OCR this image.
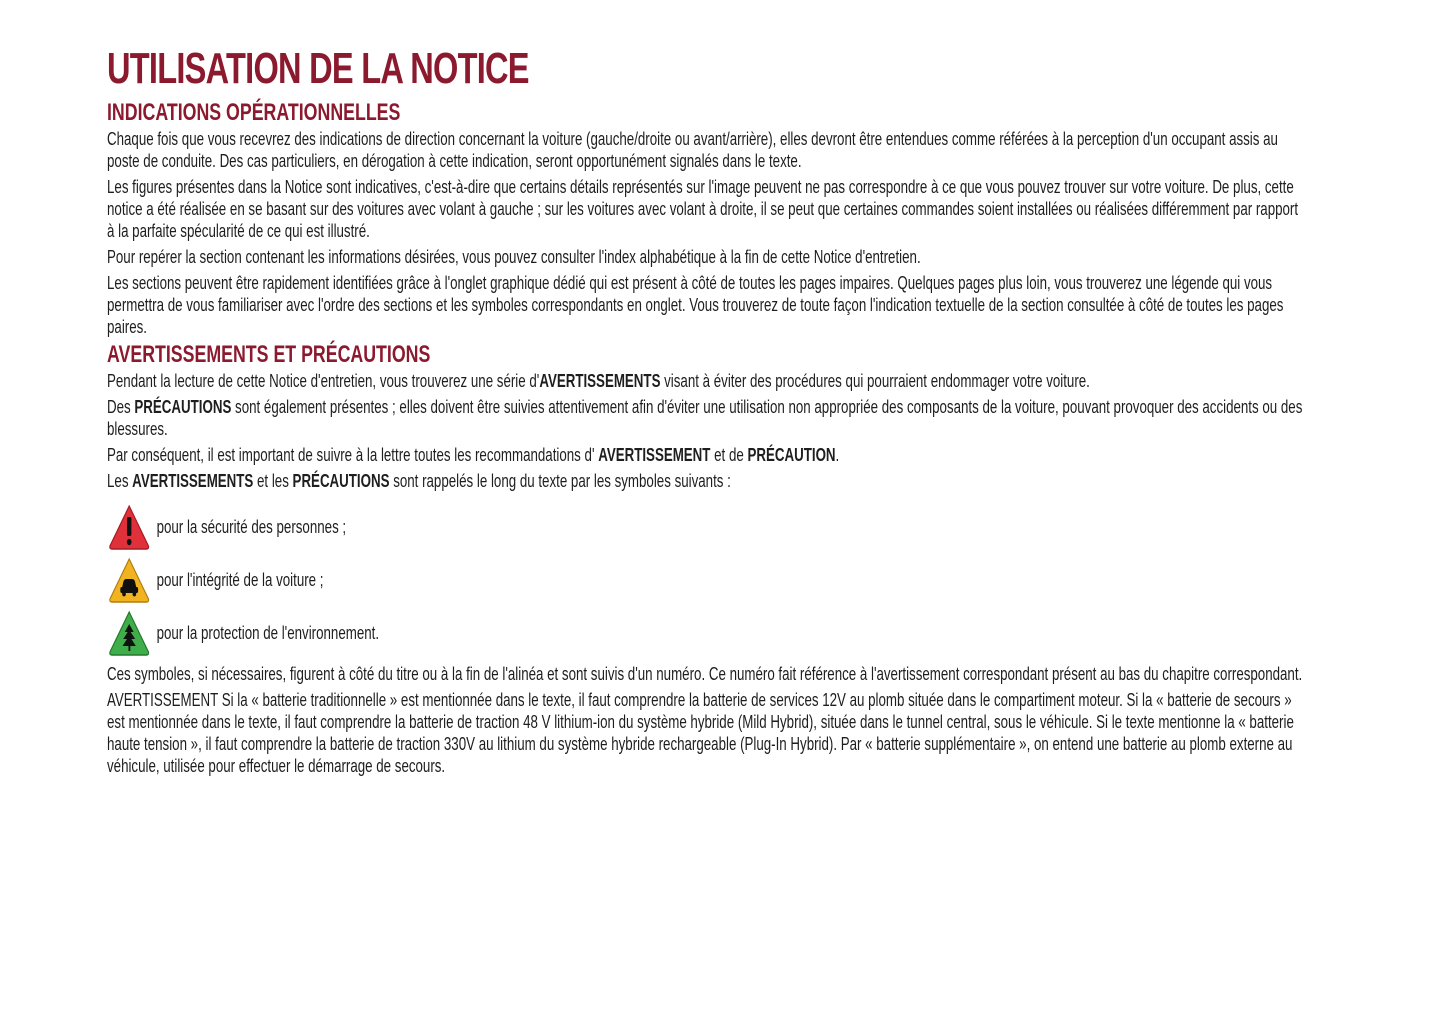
UTILISATION DE LA NOTICE
INDICATIONS OPÉRATIONNELLES

Chaque fois que vous recevrez des indications de direction concernant la voiture (gauche/droite ou avant/arrière), elles devront être entendues comme référées à la perception d'un occupant assis au poste de conduite. Des cas particuliers, en dérogation à cette indication, seront opportunément signalés dans le texte.

Les figures présentes dans la Notice sont indicatives, c'est-à-dire que certains détails représentés sur l'image peuvent ne pas correspondre à ce que vous pouvez trouver sur votre voiture. De plus, cette notice a été réalisée en se basant sur des voitures avec volant à gauche ; sur les voitures avec volant à droite, il se peut que certaines commandes soient installées ou réalisées différemment par rapport à la parfaite spécularité de ce qui est illustré.

Pour repérer la section contenant les informations désirées, vous pouvez consulter l'index alphabétique à la fin de cette Notice d'entretien.

Les sections peuvent être rapidement identifiées grâce à l'onglet graphique dédié qui est présent à côté de toutes les pages impaires. Quelques pages plus loin, vous trouverez une légende qui vous permettra de vous familiariser avec l'ordre des sections et les symboles correspondants en onglet. Vous trouverez de toute façon l'indication textuelle de la section consultée à côté de toutes les pages paires.

AVERTISSEMENTS ET PRÉCAUTIONS

Pendant la lecture de cette Notice d'entretien, vous trouverez une série d'AVERTISSEMENTS visant à éviter des procédures qui pourraient endommager votre voiture.

Des PRÉCAUTIONS sont également présentes ; elles doivent être suivies attentivement afin d'éviter une utilisation non appropriée des composants de la voiture, pouvant provoquer des accidents ou des blessures.

Par conséquent, il est important de suivre à la lettre toutes les recommandations d' AVERTISSEMENT et de PRÉCAUTION.

Les AVERTISSEMENTS et les PRÉCAUTIONS sont rappelés le long du texte par les symboles suivants :

pour la sécurité des personnes ;
pour l'intégrité de la voiture ;
pour la protection de l'environnement.

Ces symboles, si nécessaires, figurent à côté du titre ou à la fin de l'alinéa et sont suivis d'un numéro. Ce numéro fait référence à l'avertissement correspondant présent au bas du chapitre correspondant.

AVERTISSEMENT Si la « batterie traditionnelle » est mentionnée dans le texte, il faut comprendre la batterie de services 12V au plomb située dans le compartiment moteur. Si la « batterie de secours » est mentionnée dans le texte, il faut comprendre la batterie de traction 48 V lithium-ion du système hybride (Mild Hybrid), située dans le tunnel central, sous le véhicule. Si le texte mentionne la « batterie haute tension », il faut comprendre la batterie de traction 330V au lithium du système hybride rechargeable (Plug-In Hybrid). Par « batterie supplémentaire », on entend une batterie au plomb externe au véhicule, utilisée pour effectuer le démarrage de secours.
